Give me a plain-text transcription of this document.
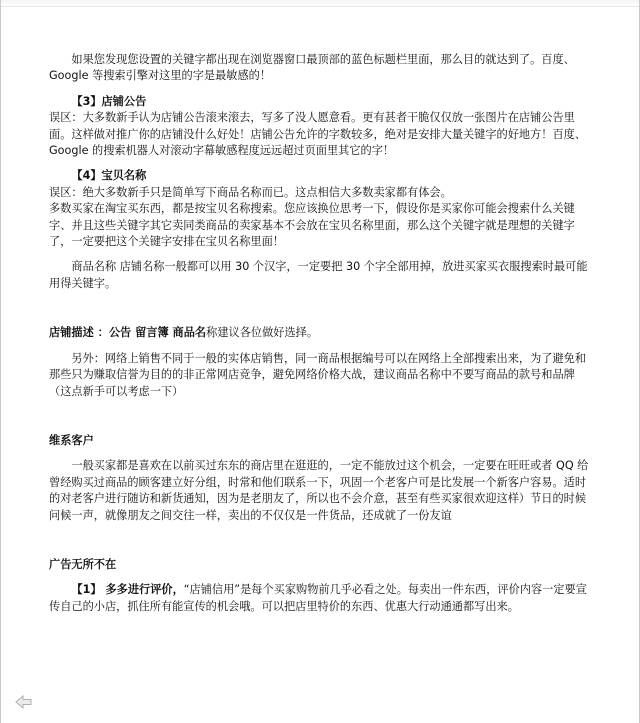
如果您发现您设置的关键字都出现在浏览器窗口最顶部的蓝色标题栏里面，那么目的就达到了。百度、Google 等搜索引擎对这里的字是最敏感的！

【3】店铺公告

误区：大多数新手认为店铺公告滚来滚去，写多了没人愿意看。更有甚者干脆仅仅放一张图片在店铺公告里面。这样做对推广你的店铺没什么好处！店铺公告允许的字数较多，绝对是安排大量关键字的好地方！百度、Google 的搜索机器人对滚动字幕敏感程度远远超过页面里其它的字！

【4】宝贝名称

误区：绝大多数新手只是简单写下商品名称而已。这点相信大多数卖家都有体会。

多数买家在淘宝买东西，都是按宝贝名称搜索。您应该换位思考一下，假设你是买家你可能会搜索什么关键字、并且这些关键字其它卖同类商品的卖家基本不会放在宝贝名称里面，那么这个关键字就是理想的关键字了，一定要把这个关键字安排在宝贝名称里面！

商品名称 店铺名称一般都可以用 30 个汉字，一定要把 30 个字全部用掉，放进买家买衣服搜索时最可能用得关键字。

店铺描述 ：公告 留言簿 商品名称建议各位做好选择。

另外：网络上销售不同于一般的实体店销售，同一商品根据编号可以在网络上全部搜索出来，为了避免和那些只为赚取信誉为目的的非正常网店竞争，避免网络价格大战，建议商品名称中不要写商品的款号和品牌（这点新手可以考虑一下）

维系客户

一般买家都是喜欢在以前买过东东的商店里在逛逛的，一定不能放过这个机会，一定要在旺旺或者 QQ 给曾经购买过商品的顾客建立好分组，时常和他们联系一下，巩固一个老客户可是比发展一个新客户容易。适时的对老客户进行随访和新货通知，因为是老朋友了，所以也不会介意，甚至有些买家很欢迎这样）节日的时候问候一声，就像朋友之间交往一样，卖出的不仅仅是一件货品，还成就了一份友谊

广告无所不在

【1】 多多进行评价，“店铺信用”是每个买家购物前几乎必看之处。每卖出一件东西，评价内容一定要宣传自己的小店，抓住所有能宣传的机会哦。可以把店里特价的东西、优惠大行动通通都写出来。
